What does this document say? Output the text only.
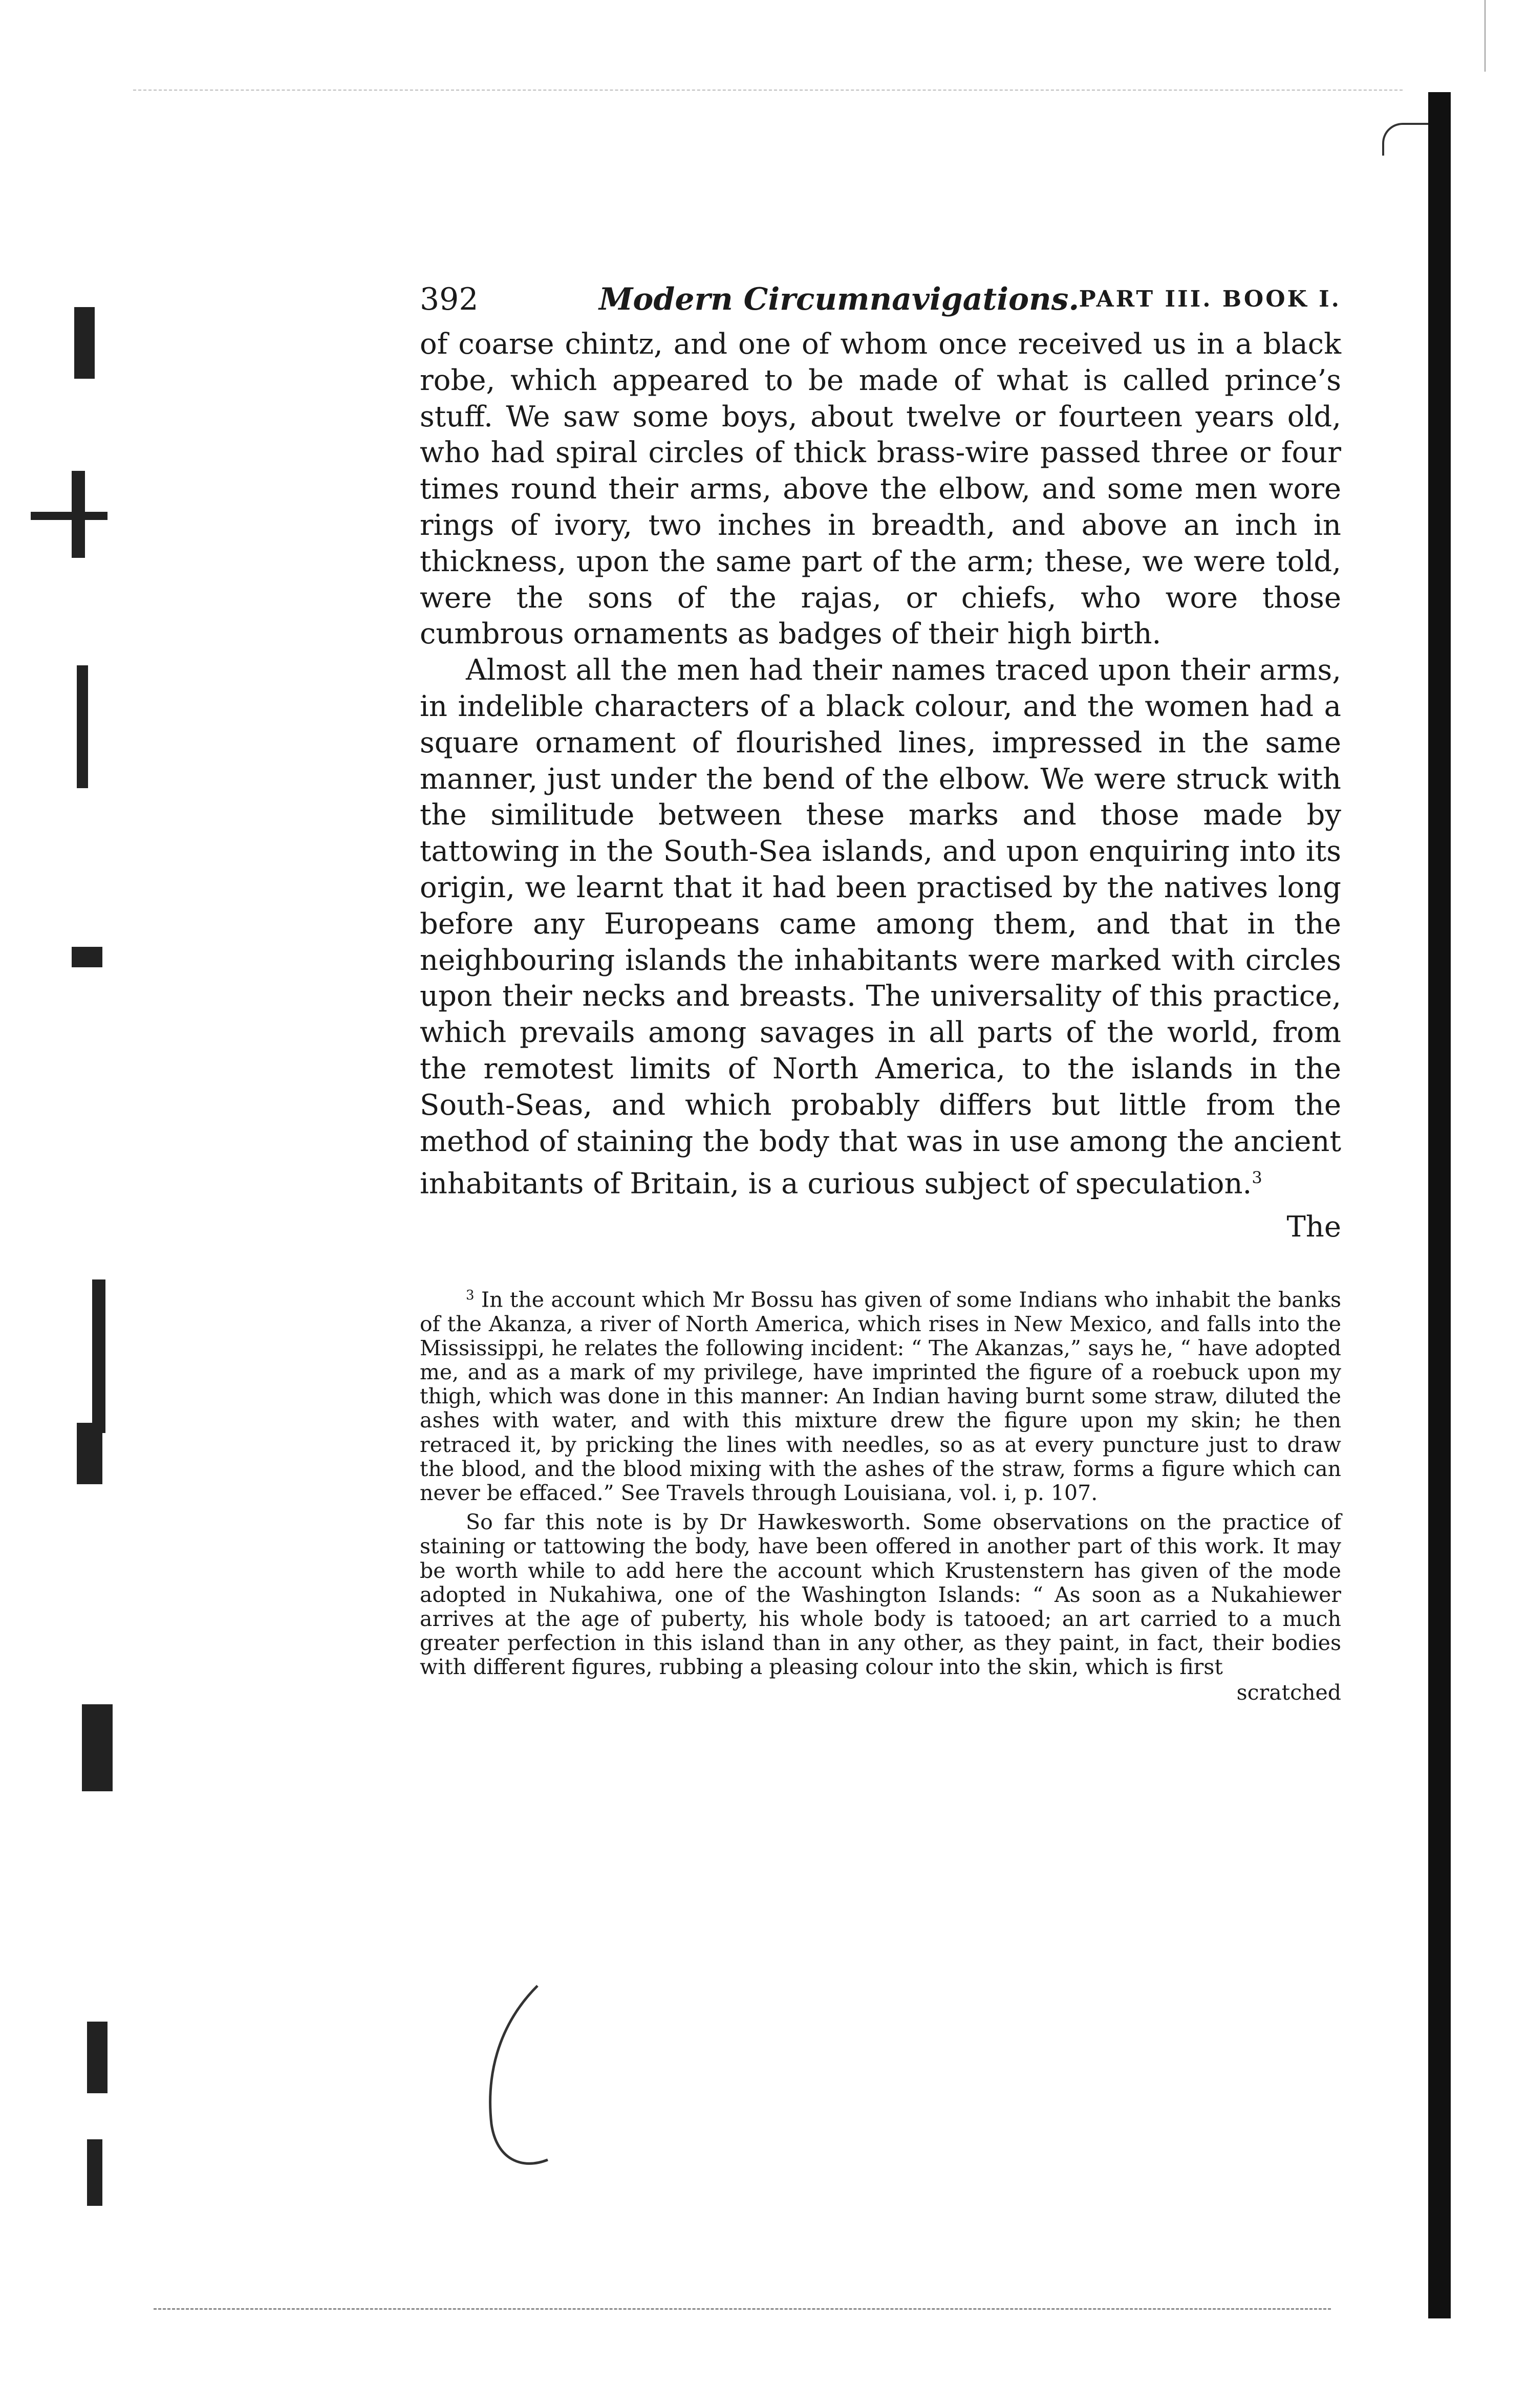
392	Modern Circumnavigations. PART III. BOOK I.

of coarse chintz, and one of whom once received us in a black robe, which appeared to be made of what is called prince’s stuff. We saw some boys, about twelve or fourteen years old, who had spiral circles of thick brass-wire passed three or four times round their arms, above the elbow, and some men wore rings of ivory, two inches in breadth, and above an inch in thickness, upon the same part of the arm; these, we were told, were the sons of the rajas, or chiefs, who wore those cumbrous ornaments as badges of their high birth.

Almost all the men had their names traced upon their arms, in indelible characters of a black colour, and the women had a square ornament of flourished lines, impressed in the same manner, just under the bend of the elbow. We were struck with the similitude between these marks and those made by tattowing in the South-Sea islands, and upon enquiring into its origin, we learnt that it had been practised by the natives long before any Europeans came among them, and that in the neighbouring islands the inhabitants were marked with circles upon their necks and breasts. The universality of this practice, which prevails among savages in all parts of the world, from the remotest limits of North America, to the islands in the South-Seas, and which probably differs but little from the method of staining the body that was in use among the ancient inhabitants of Britain, is a curious subject of speculation.$^3$

The

$^3$ In the account which Mr Bossu has given of some Indians who inhabit the banks of the Akanza, a river of North America, which rises in New Mexico, and falls into the Mississippi, he relates the following incident: “ The Akanzas,” says he, “ have adopted me, and as a mark of my privilege, have imprinted the figure of a roebuck upon my thigh, which was done in this manner: An Indian having burnt some straw, diluted the ashes with water, and with this mixture drew the figure upon my skin; he then retraced it, by pricking the lines with needles, so as at every puncture just to draw the blood, and the blood mixing with the ashes of the straw, forms a figure which can never be effaced.” See Travels through Louisiana, vol. i, p. 107.

So far this note is by Dr Hawkesworth. Some observations on the practice of staining or tattowing the body, have been offered in another part of this work. It may be worth while to add here the account which Krustenstern has given of the mode adopted in Nukahiwa, one of the Washington Islands: “ As soon as a Nukahiewer arrives at the age of puberty, his whole body is tatooed; an art carried to a much greater perfection in this island than in any other, as they paint, in fact, their bodies with different figures, rubbing a pleasing colour into the skin, which is first

scratched
